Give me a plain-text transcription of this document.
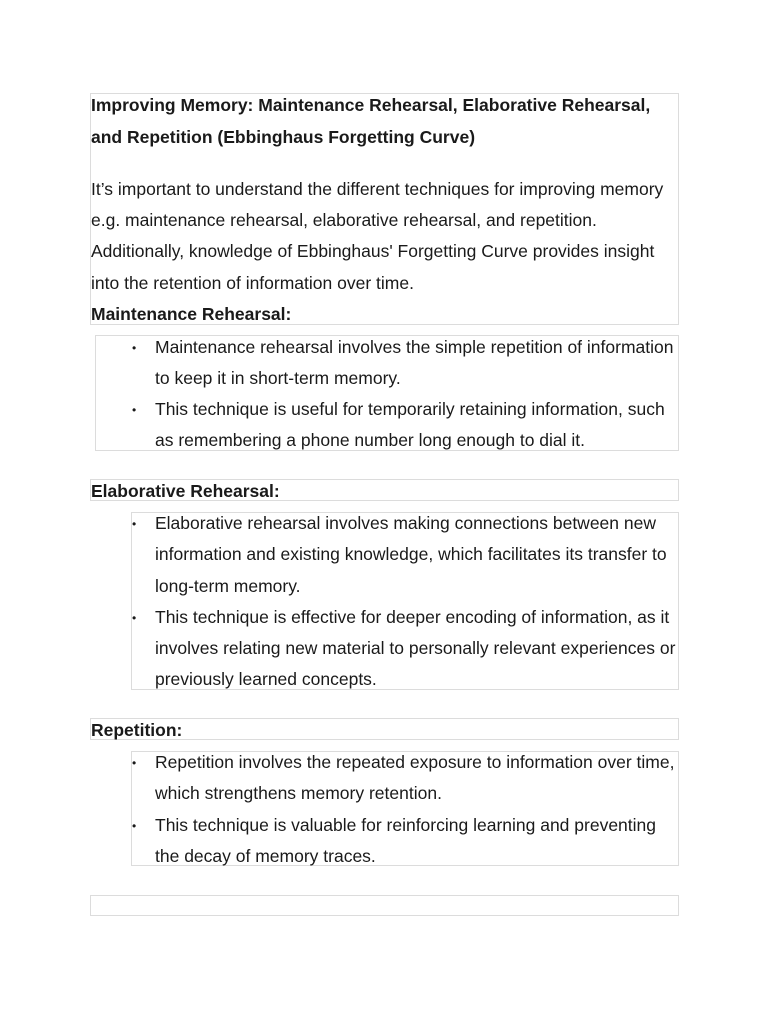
Improving Memory: Maintenance Rehearsal, Elaborative Rehearsal,
and Repetition (Ebbinghaus Forgetting Curve)
It’s important to understand the different techniques for improving memory
e.g. maintenance rehearsal, elaborative rehearsal, and repetition.
Additionally, knowledge of Ebbinghaus' Forgetting Curve provides insight
into the retention of information over time.
Maintenance Rehearsal:
• Maintenance rehearsal involves the simple repetition of information
to keep it in short-term memory.
• This technique is useful for temporarily retaining information, such
as remembering a phone number long enough to dial it.
Elaborative Rehearsal:
• Elaborative rehearsal involves making connections between new
information and existing knowledge, which facilitates its transfer to
long-term memory.
• This technique is effective for deeper encoding of information, as it
involves relating new material to personally relevant experiences or
previously learned concepts.
Repetition:
• Repetition involves the repeated exposure to information over time,
which strengthens memory retention.
• This technique is valuable for reinforcing learning and preventing
the decay of memory traces.
